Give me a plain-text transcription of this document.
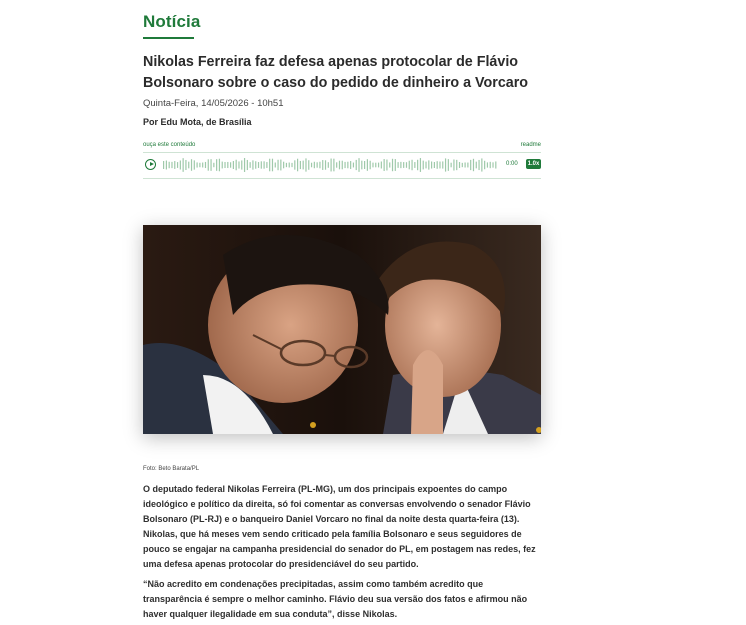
Notícia
Nikolas Ferreira faz defesa apenas protocolar de Flávio Bolsonaro sobre o caso do pedido de dinheiro a Vorcaro
Quinta-Feira, 14/05/2026 - 10h51
Por Edu Mota, de Brasília
ouça este conteúdo	readme
0:00 1.0x
Foto: Beto Barata/PL

O deputado federal Nikolas Ferreira (PL-MG), um dos principais expoentes do campo ideológico e político da direita, só foi comentar as conversas envolvendo o senador Flávio Bolsonaro (PL-RJ) e o banqueiro Daniel Vorcaro no final da noite desta quarta-feira (13). Nikolas, que há meses vem sendo criticado pela família Bolsonaro e seus seguidores de pouco se engajar na campanha presidencial do senador do PL, em postagem nas redes, fez uma defesa apenas protocolar do presidenciável do seu partido.

“Não acredito em condenações precipitadas, assim como também acredito que transparência é sempre o melhor caminho. Flávio deu sua versão dos fatos e afirmou não haver qualquer ilegalidade em sua conduta”, disse Nikolas.
